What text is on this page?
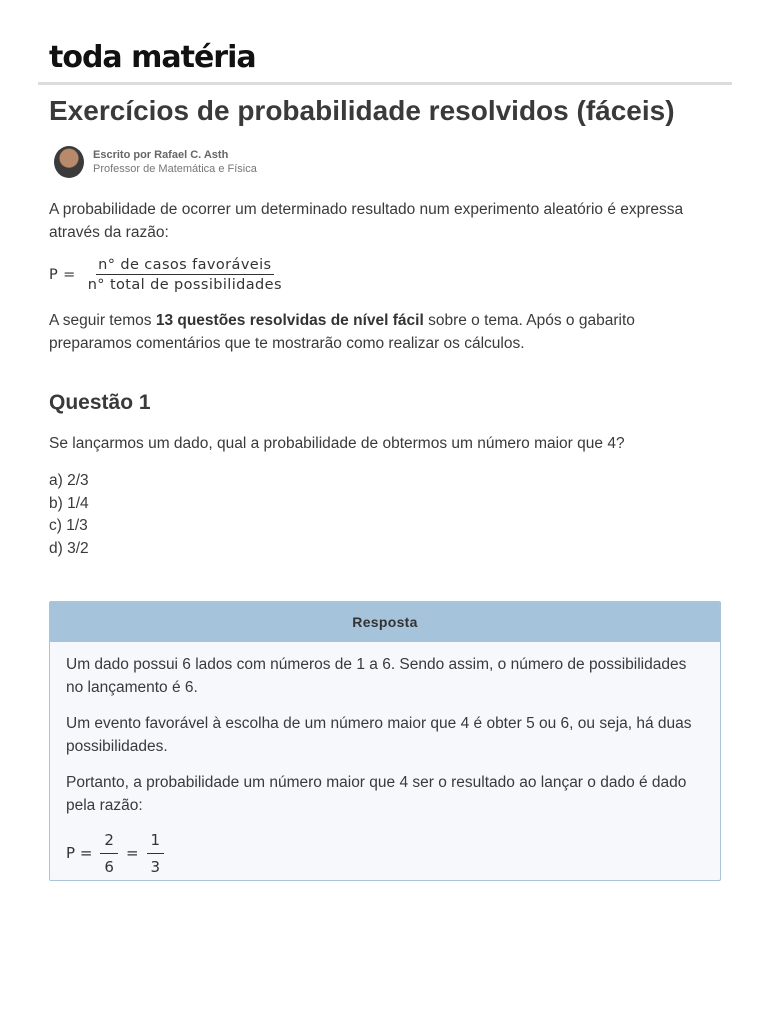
toda matéria
Exercícios de probabilidade resolvidos (fáceis)
Escrito por Rafael C. Asth
Professor de Matemática e Física
A probabilidade de ocorrer um determinado resultado num experimento aleatório é expressa através da razão:
$P = \frac{\text{n° de casos favoráveis}}{\text{n° total de possibilidades}}$
A seguir temos 13 questões resolvidas de nível fácil sobre o tema. Após o gabarito preparamos comentários que te mostrarão como realizar os cálculos.
Questão 1
Se lançarmos um dado, qual a probabilidade de obtermos um número maior que 4?
a) 2/3
b) 1/4
c) 1/3
d) 3/2
Resposta

Um dado possui 6 lados com números de 1 a 6. Sendo assim, o número de possibilidades no lançamento é 6.

Um evento favorável à escolha de um número maior que 4 é obter 5 ou 6, ou seja, há duas possibilidades.

Portanto, a probabilidade um número maior que 4 ser o resultado ao lançar o dado é dado pela razão:

$P = \frac{2}{6} = \frac{1}{3}$
